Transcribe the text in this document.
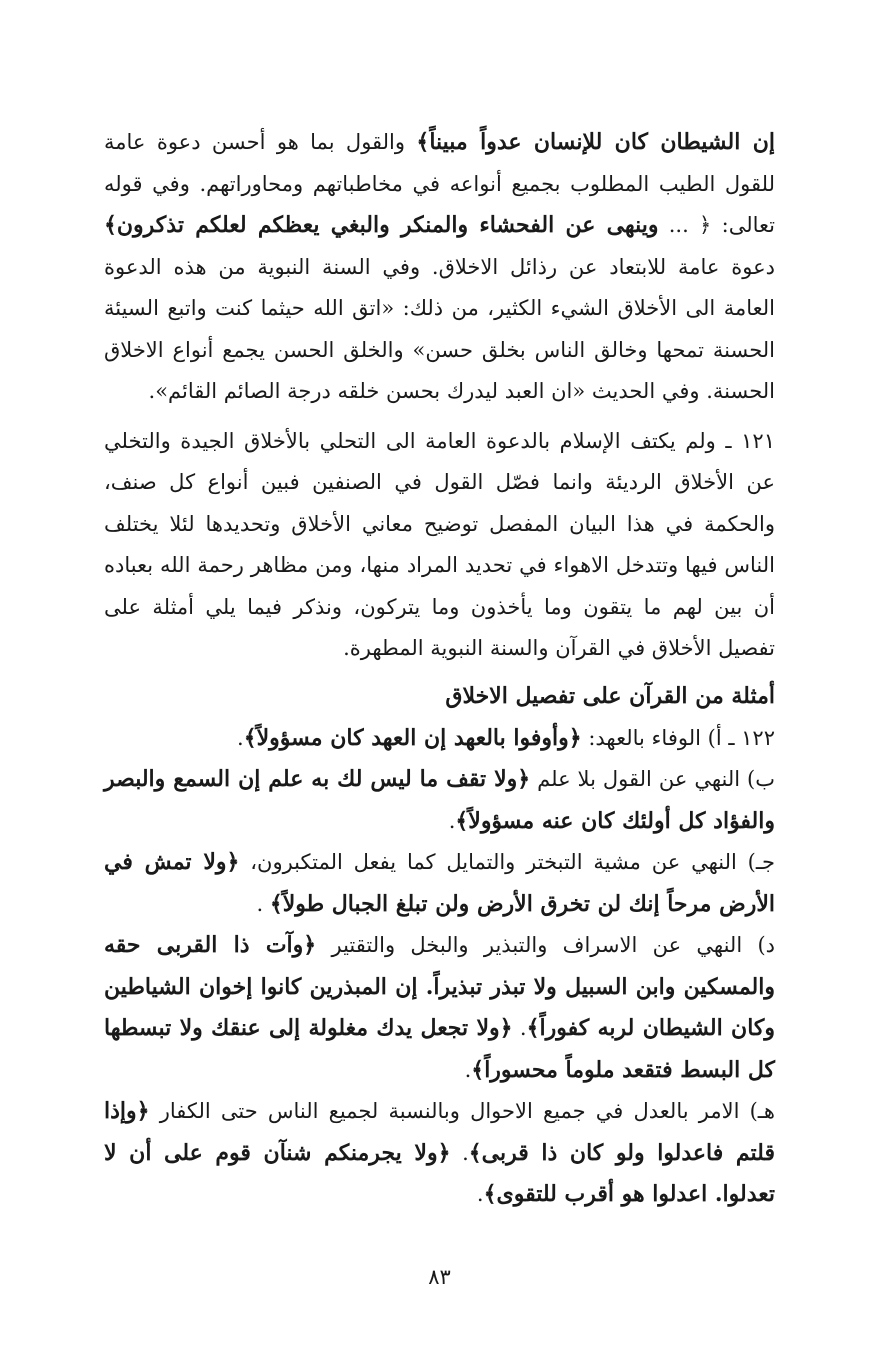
إن الشيطان كان للإنسان عدواً مبيناً﴾ والقول بما هو أحسن دعوة عامة للقول الطيب المطلوب بجميع أنواعه في مخاطباتهم ومحاوراتهم. وفي قوله تعالى: ﴿ ... وينهى عن الفحشاء والمنكر والبغي يعظكم لعلكم تذكرون﴾ دعوة عامة للابتعاد عن رذائل الاخلاق. وفي السنة النبوية من هذه الدعوة العامة الى الأخلاق الشيء الكثير، من ذلك: «اتق الله حيثما كنت واتبع السيئة الحسنة تمحها وخالق الناس بخلق حسن» والخلق الحسن يجمع أنواع الاخلاق الحسنة. وفي الحديث «ان العبد ليدرك بحسن خلقه درجة الصائم القائم».

١٢١ ـ ولم يكتف الإسلام بالدعوة العامة الى التحلي بالأخلاق الجيدة والتخلي عن الأخلاق الرديئة وانما فصّل القول في الصنفين فبين أنواع كل صنف، والحكمة في هذا البيان المفصل توضيح معاني الأخلاق وتحديدها لئلا يختلف الناس فيها وتتدخل الاهواء في تحديد المراد منها، ومن مظاهر رحمة الله بعباده أن بين لهم ما يتقون وما يأخذون وما يتركون، ونذكر فيما يلي أمثلة على تفصيل الأخلاق في القرآن والسنة النبوية المطهرة.

أمثلة من القرآن على تفصيل الاخلاق

١٢٢ ـ أ) الوفاء بالعهد: ﴿وأوفوا بالعهد إن العهد كان مسؤولاً﴾.

ب) النهي عن القول بلا علم ﴿ولا تقف ما ليس لك به علم إن السمع والبصر والفؤاد كل أولئك كان عنه مسؤولاً﴾.

جـ) النهي عن مشية التبختر والتمايل كما يفعل المتكبرون، ﴿ولا تمش في الأرض مرحاً إنك لن تخرق الأرض ولن تبلغ الجبال طولاً﴾ .

د) النهي عن الاسراف والتبذير والبخل والتقتير ﴿وآت ذا القربى حقه والمسكين وابن السبيل ولا تبذر تبذيراً. إن المبذرين كانوا إخوان الشياطين وكان الشيطان لربه كفوراً﴾. ﴿ولا تجعل يدك مغلولة إلى عنقك ولا تبسطها كل البسط فتقعد ملوماً محسوراً﴾.

هـ) الامر بالعدل في جميع الاحوال وبالنسبة لجميع الناس حتى الكفار ﴿وإذا قلتم فاعدلوا ولو كان ذا قربى﴾. ﴿ولا يجرمنكم شنآن قوم على أن لا تعدلوا. اعدلوا هو أقرب للتقوى﴾.

٨٣
